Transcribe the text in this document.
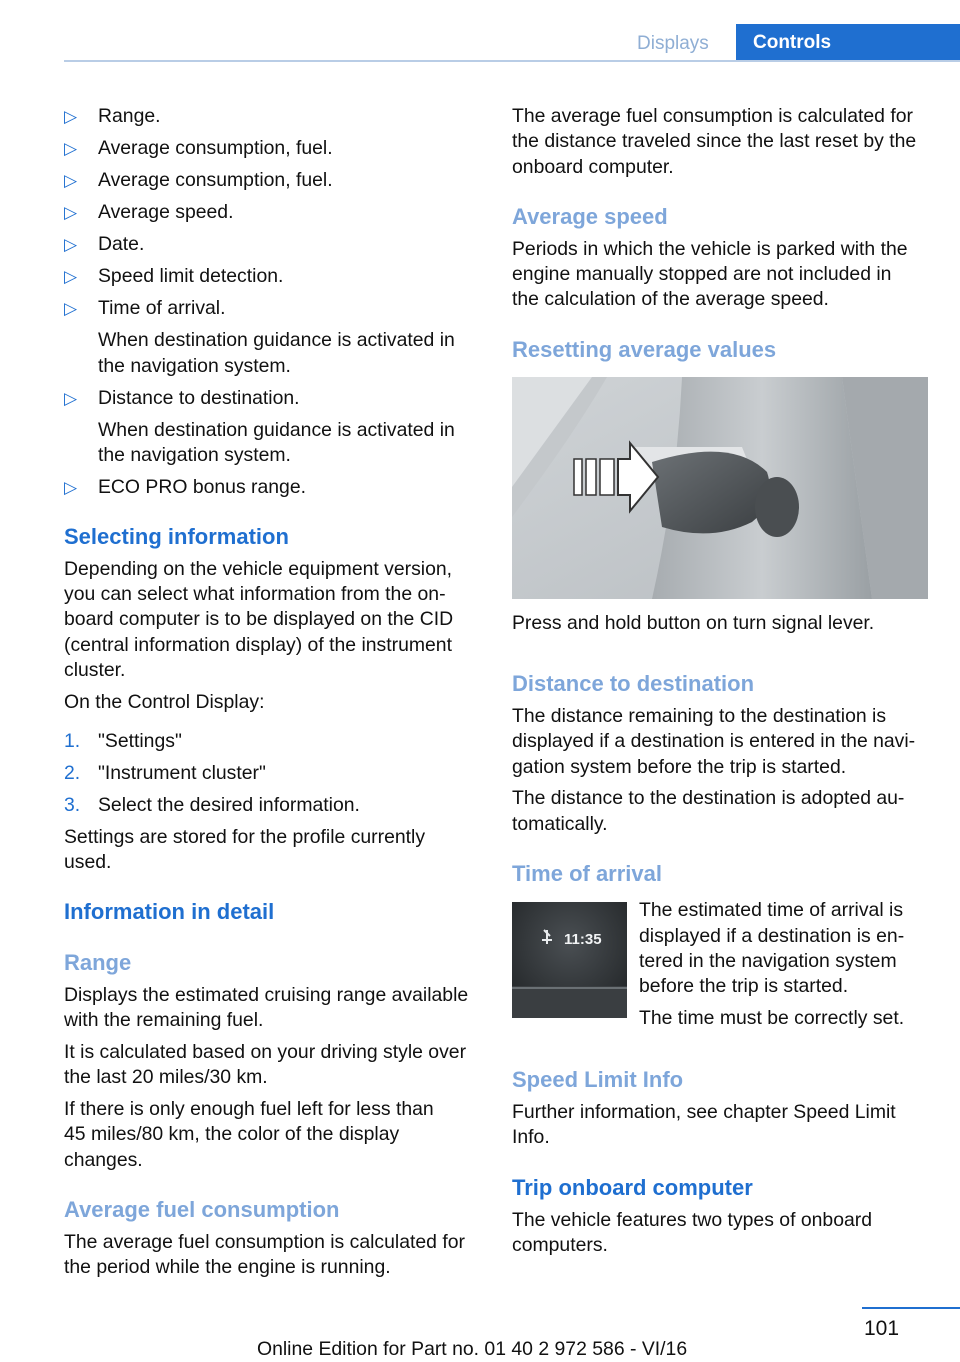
Displays	Controls
▷ Range.
▷ Average consumption, fuel.
▷ Average consumption, fuel.
▷ Average speed.
▷ Date.
▷ Speed limit detection.
▷ Time of arrival.
When destination guidance is activated in
the navigation system.
▷ Distance to destination.
When destination guidance is activated in
the navigation system.
▷ ECO PRO bonus range.
Selecting information
Depending on the vehicle equipment version,
you can select what information from the on‐
board computer is to be displayed on the CID
(central information display) of the instrument
cluster.
On the Control Display:
1. "Settings"
2. "Instrument cluster"
3. Select the desired information.
Settings are stored for the profile currently
used.
Information in detail
Range
Displays the estimated cruising range available
with the remaining fuel.
It is calculated based on your driving style over
the last 20 miles/30 km.
If there is only enough fuel left for less than
45 miles/80 km, the color of the display
changes.
Average fuel consumption
The average fuel consumption is calculated for
the period while the engine is running.
The average fuel consumption is calculated for
the distance traveled since the last reset by the
onboard computer.
Average speed
Periods in which the vehicle is parked with the
engine manually stopped are not included in
the calculation of the average speed.
Resetting average values
Press and hold button on turn signal lever.
Distance to destination
The distance remaining to the destination is
displayed if a destination is entered in the navi‐
gation system before the trip is started.
The distance to the destination is adopted au‐
tomatically.
Time of arrival
11:35
The estimated time of arrival is
displayed if a destination is en‐
tered in the navigation system
before the trip is started.
The time must be correctly set.
Speed Limit Info
Further information, see chapter Speed Limit
Info.
Trip onboard computer
The vehicle features two types of onboard
computers.
101
Online Edition for Part no. 01 40 2 972 586 - VI/16
